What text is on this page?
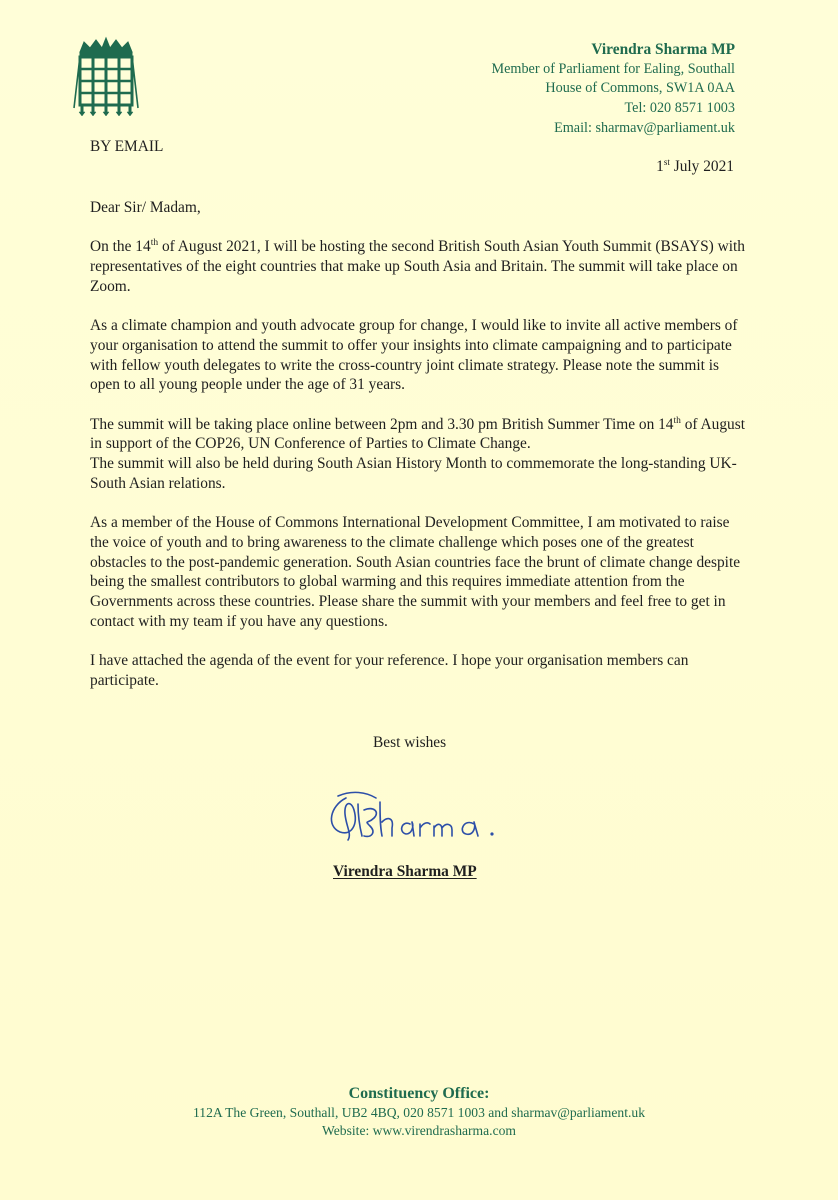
Virendra Sharma MP
Member of Parliament for Ealing, Southall
House of Commons, SW1A 0AA
Tel: 020 8571 1003
Email: sharmav@parliament.uk
BY EMAIL
1st July 2021

Dear Sir/ Madam,

On the 14th of August 2021, I will be hosting the second British South Asian Youth Summit (BSAYS) with representatives of the eight countries that make up South Asia and Britain. The summit will take place on Zoom.

As a climate champion and youth advocate group for change, I would like to invite all active members of your organisation to attend the summit to offer your insights into climate campaigning and to participate with fellow youth delegates to write the cross-country joint climate strategy. Please note the summit is open to all young people under the age of 31 years.

The summit will be taking place online between 2pm and 3.30 pm British Summer Time on 14th of August in support of the COP26, UN Conference of Parties to Climate Change.

The summit will also be held during South Asian History Month to commemorate the long-standing UK-South Asian relations.

As a member of the House of Commons International Development Committee, I am motivated to raise the voice of youth and to bring awareness to the climate challenge which poses one of the greatest obstacles to the post-pandemic generation. South Asian countries face the brunt of climate change despite being the smallest contributors to global warming and this requires immediate attention from the Governments across these countries. Please share the summit with your members and feel free to get in contact with my team if you have any questions.

I have attached the agenda of the event for your reference. I hope your organisation members can participate.

Best wishes
Virendra Sharma MP
Constituency Office:
112A The Green, Southall, UB2 4BQ, 020 8571 1003 and sharmav@parliament.uk
Website: www.virendrasharma.com
